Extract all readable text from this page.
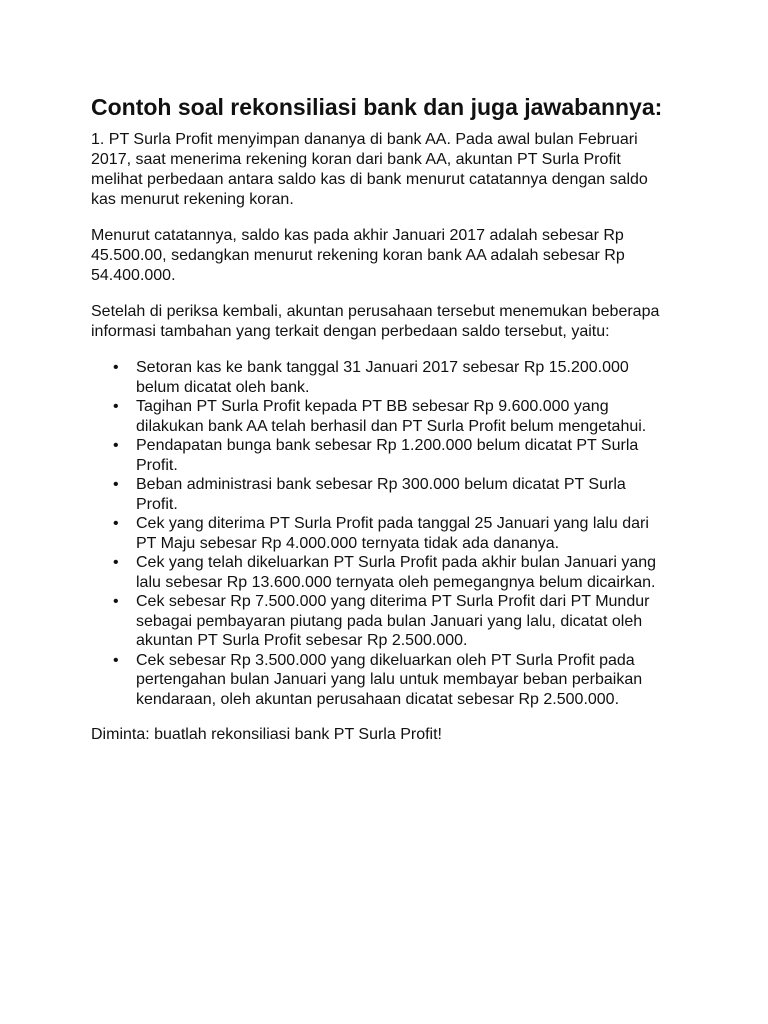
Contoh soal rekonsiliasi bank dan juga jawabannya:

1. PT Surla Profit menyimpan dananya di bank AA. Pada awal bulan Februari
2017, saat menerima rekening koran dari bank AA, akuntan PT Surla Profit
melihat perbedaan antara saldo kas di bank menurut catatannya dengan saldo
kas menurut rekening koran.

Menurut catatannya, saldo kas pada akhir Januari 2017 adalah sebesar Rp
45.500.00, sedangkan menurut rekening koran bank AA adalah sebesar Rp
54.400.000.

Setelah di periksa kembali, akuntan perusahaan tersebut menemukan beberapa
informasi tambahan yang terkait dengan perbedaan saldo tersebut, yaitu:

• Setoran kas ke bank tanggal 31 Januari 2017 sebesar Rp 15.200.000
belum dicatat oleh bank.
• Tagihan PT Surla Profit kepada PT BB sebesar Rp 9.600.000 yang
dilakukan bank AA telah berhasil dan PT Surla Profit belum mengetahui.
• Pendapatan bunga bank sebesar Rp 1.200.000 belum dicatat PT Surla
Profit.
• Beban administrasi bank sebesar Rp 300.000 belum dicatat PT Surla
Profit.
• Cek yang diterima PT Surla Profit pada tanggal 25 Januari yang lalu dari
PT Maju sebesar Rp 4.000.000 ternyata tidak ada dananya.
• Cek yang telah dikeluarkan PT Surla Profit pada akhir bulan Januari yang
lalu sebesar Rp 13.600.000 ternyata oleh pemegangnya belum dicairkan.
• Cek sebesar Rp 7.500.000 yang diterima PT Surla Profit dari PT Mundur
sebagai pembayaran piutang pada bulan Januari yang lalu, dicatat oleh
akuntan PT Surla Profit sebesar Rp 2.500.000.
• Cek sebesar Rp 3.500.000 yang dikeluarkan oleh PT Surla Profit pada
pertengahan bulan Januari yang lalu untuk membayar beban perbaikan
kendaraan, oleh akuntan perusahaan dicatat sebesar Rp 2.500.000.

Diminta: buatlah rekonsiliasi bank PT Surla Profit!
